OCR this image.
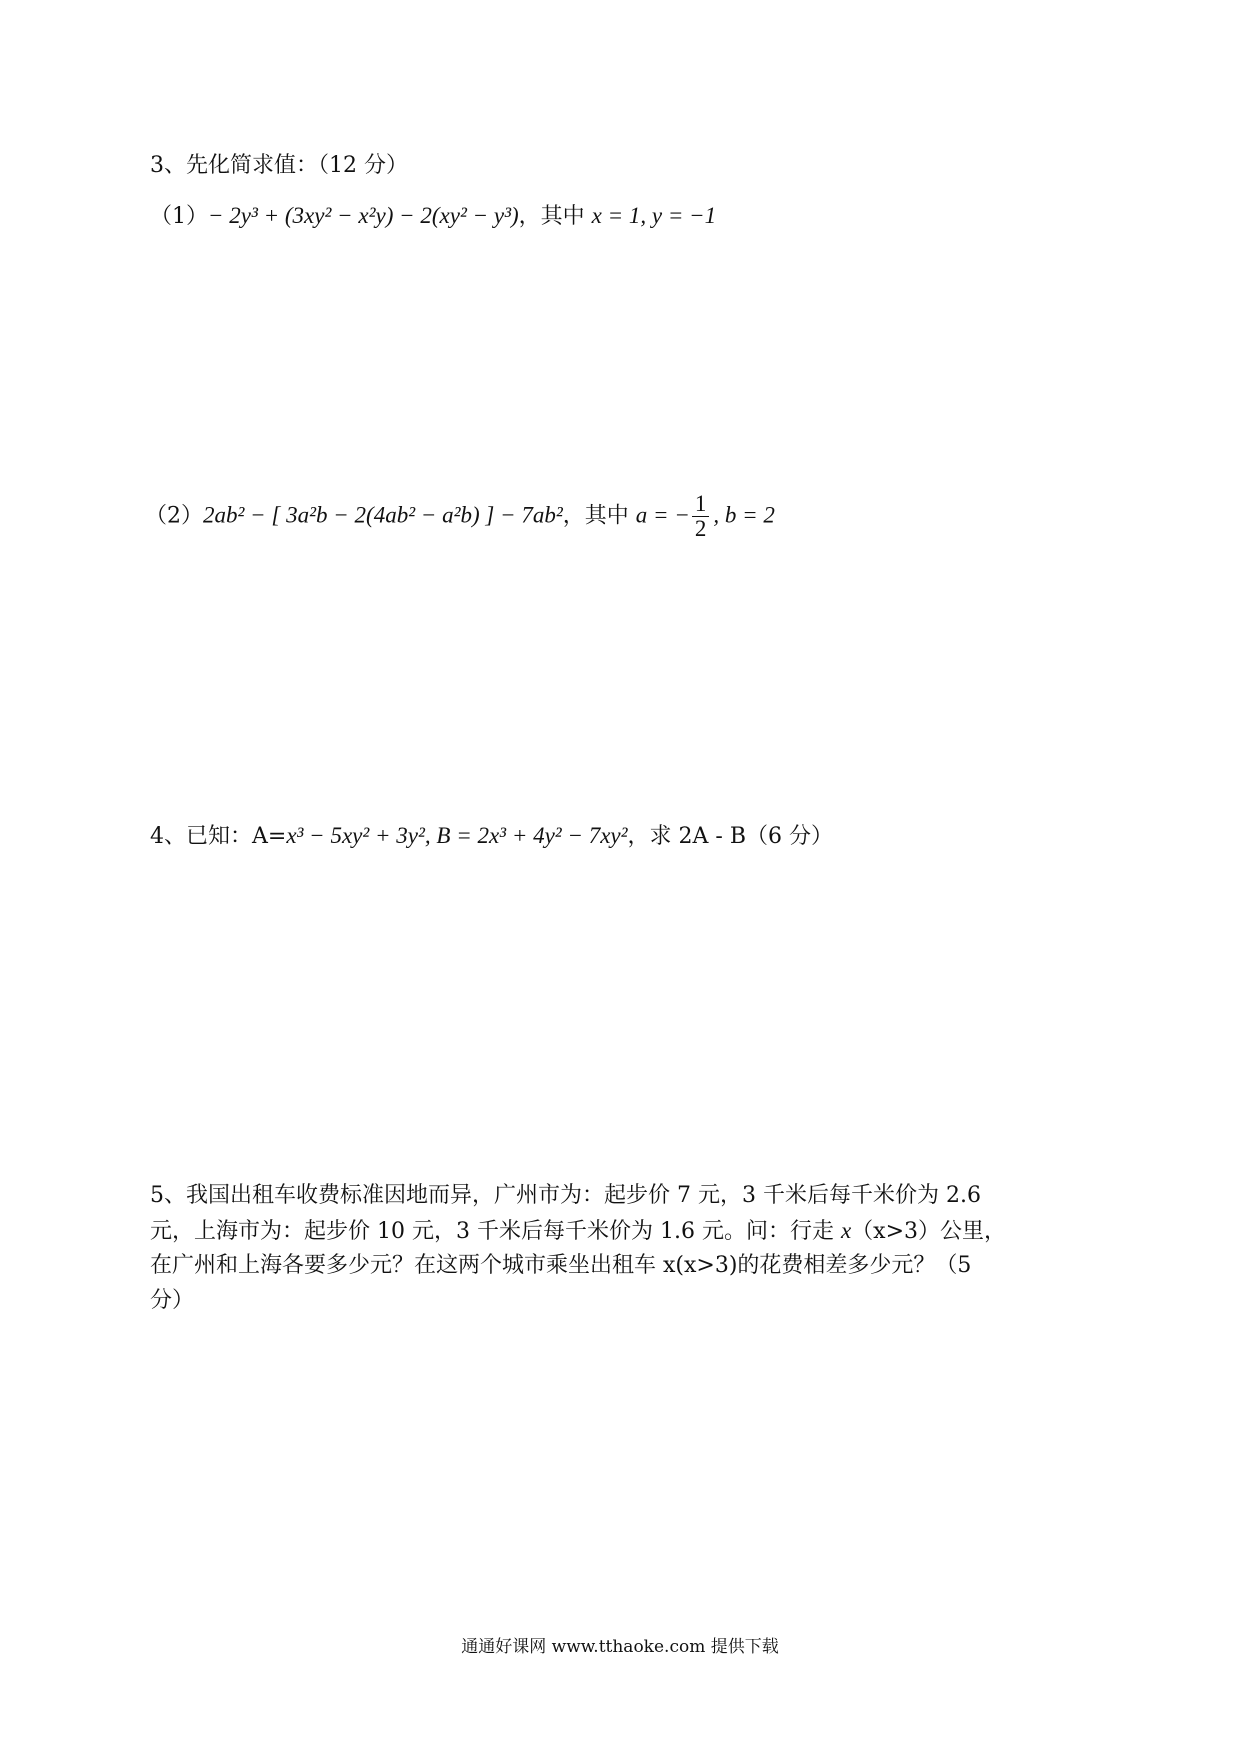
3、先化简求值：（12 分）
（1）− 2y³ + (3xy² − x²y) − 2(xy² − y³)，其中 x = 1, y = −1
（2）2ab² − [ 3a²b − 2(4ab² − a²b) ] − 7ab²，其中 a = − $\frac{1}{2}$ , b = 2
4、已知：A=x³ − 5xy² + 3y², B = 2x³ + 4y² − 7xy²，求 2A - B（6 分）
5、我国出租车收费标准因地而异，广州市为：起步价 7 元，3 千米后每千米价为 2.6
元，上海市为：起步价 10 元，3 千米后每千米价为 1.6 元。问：行走 x（x>3）公里，
在广州和上海各要多少元？在这两个城市乘坐出租车 x(x>3)的花费相差多少元？（5
分）
通通好课网 www.tthaoke.com 提供下载
